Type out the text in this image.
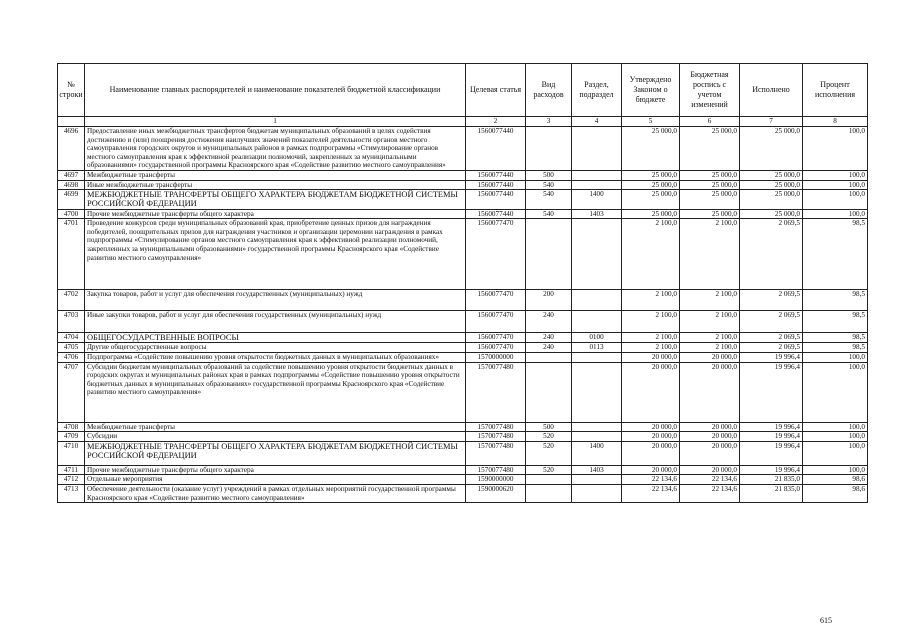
№ строки	Наименование главных распорядителей и наименование показателей бюджетной классификации	Целевая статья	Вид расходов	Раздел, подраздел	Утверждено Законом о бюджете	Бюджетная роспись с учетом изменений	Исполнено	Процент исполнения
	1	2	3	4	5	6	7	8
4696	Предоставление иных межбюджетных трансфертов бюджетам муниципальных образований в целях содействия достижению и (или) поощрения достижения наилучших значений показателей деятельности органов местного самоуправления городских округов и муниципальных районов в рамках подпрограммы «Стимулирование органов местного самоуправления края к эффективной реализации полномочий, закрепленных за муниципальными образованиями» государственной программы Красноярского края «Содействие развитию местного самоуправления»	1560077440			25 000,0	25 000,0	25 000,0	100,0
4697	Межбюджетные трансферты	1560077440	500		25 000,0	25 000,0	25 000,0	100,0
4698	Иные межбюджетные трансферты	1560077440	540		25 000,0	25 000,0	25 000,0	100,0
4699	МЕЖБЮДЖЕТНЫЕ ТРАНСФЕРТЫ ОБЩЕГО ХАРАКТЕРА БЮДЖЕТАМ БЮДЖЕТНОЙ СИСТЕМЫ РОССИЙСКОЙ ФЕДЕРАЦИИ	1560077440	540	1400	25 000,0	25 000,0	25 000,0	100,0
4700	Прочие межбюджетные трансферты общего характера	1560077440	540	1403	25 000,0	25 000,0	25 000,0	100,0
4701	Проведение конкурсов среди муниципальных образований края, приобретение ценных призов для награждения победителей, поощрительных призов для награждения участников и организации церемонии награждения в рамках подпрограммы «Стимулирование органов местного самоуправления края к эффективной реализации полномочий, закрепленных за муниципальными образованиями» государственной программы Красноярского края «Содействие развитию местного самоуправления»	1560077470			2 100,0	2 100,0	2 069,5	98,5
4702	Закупка товаров, работ и услуг для обеспечения государственных (муниципальных) нужд	1560077470	200		2 100,0	2 100,0	2 069,5	98,5
4703	Иные закупки товаров, работ и услуг для обеспечения государственных (муниципальных) нужд	1560077470	240		2 100,0	2 100,0	2 069,5	98,5
4704	ОБЩЕГОСУДАРСТВЕННЫЕ ВОПРОСЫ	1560077470	240	0100	2 100,0	2 100,0	2 069,5	98,5
4705	Другие общегосударственные вопросы	1560077470	240	0113	2 100,0	2 100,0	2 069,5	98,5
4706	Подпрограмма «Содействие повышению уровня открытости бюджетных данных в муниципальных образованиях»	1570000000			20 000,0	20 000,0	19 996,4	100,0
4707	Субсидии бюджетам муниципальных образований за содействие повышению уровня открытости бюджетных данных в городских округах и муниципальных районах края в рамках подпрограммы «Содействие повышению уровня открытости бюджетных данных в муниципальных образованиях» государственной программы Красноярского края «Содействие развитию местного самоуправления»	1570077480			20 000,0	20 000,0	19 996,4	100,0
4708	Межбюджетные трансферты	1570077480	500		20 000,0	20 000,0	19 996,4	100,0
4709	Субсидии	1570077480	520		20 000,0	20 000,0	19 996,4	100,0
4710	МЕЖБЮДЖЕТНЫЕ ТРАНСФЕРТЫ ОБЩЕГО ХАРАКТЕРА БЮДЖЕТАМ БЮДЖЕТНОЙ СИСТЕМЫ РОССИЙСКОЙ ФЕДЕРАЦИИ	1570077480	520	1400	20 000,0	20 000,0	19 996,4	100,0
4711	Прочие межбюджетные трансферты общего характера	1570077480	520	1403	20 000,0	20 000,0	19 996,4	100,0
4712	Отдельные мероприятия	1590000000			22 134,6	22 134,6	21 835,0	98,6
4713	Обеспечение деятельности (оказание услуг) учреждений в рамках отдельных мероприятий государственной программы Красноярского края «Содействие развитию местного самоуправления»	1590000620			22 134,6	22 134,6	21 835,0	98,6
615
